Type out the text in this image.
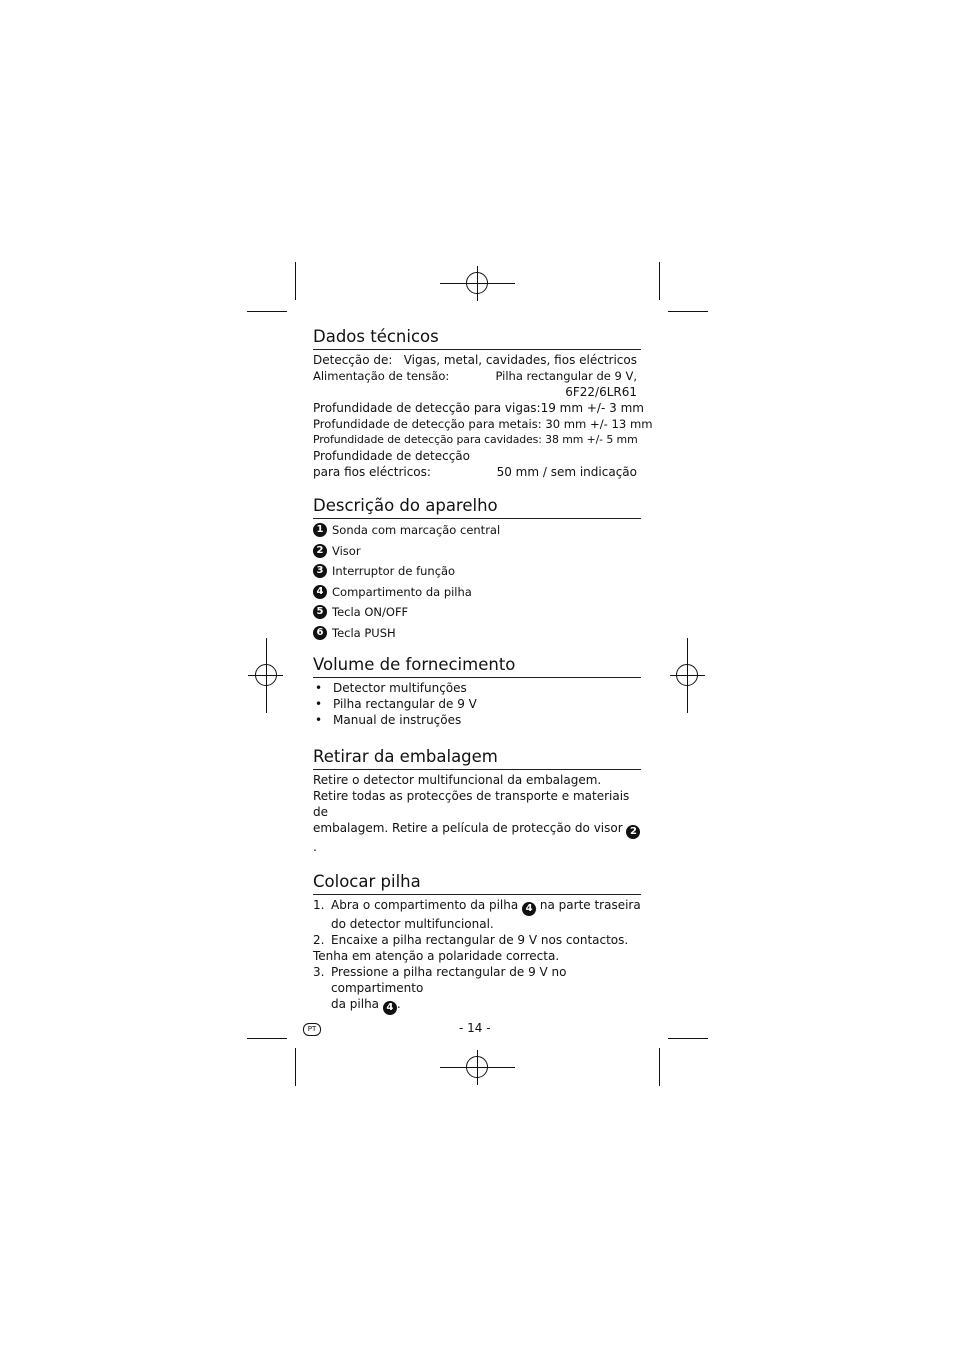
Dados técnicos
Detecção de: Vigas, metal, cavidades, fios eléctricos
Alimentação de tensão:	Pilha rectangular de 9 V,
6F22/6LR61
Profundidade de detecção para vigas: 19 mm +/- 3 mm
Profundidade de detecção para metais: 30 mm +/- 13 mm
Profundidade de detecção para cavidades: 38 mm +/- 5 mm
Profundidade de detecção
para fios eléctricos:	50 mm / sem indicação
Descrição do aparelho
1 Sonda com marcação central
2 Visor
3 Interruptor de função
4 Compartimento da pilha
5 Tecla ON/OFF
6 Tecla PUSH
Volume de fornecimento
• Detector multifunções
• Pilha rectangular de 9 V
• Manual de instruções
Retirar da embalagem
Retire o detector multifuncional da embalagem.
Retire todas as protecções de transporte e materiais de
embalagem. Retire a película de protecção do visor 2.
Colocar pilha
1. Abra o compartimento da pilha 4 na parte traseira
do detector multifuncional.
2. Encaixe a pilha rectangular de 9 V nos contactos.
Tenha em atenção a polaridade correcta.
3. Pressione a pilha rectangular de 9 V no compartimento
da pilha 4 .
PT	- 14 -
